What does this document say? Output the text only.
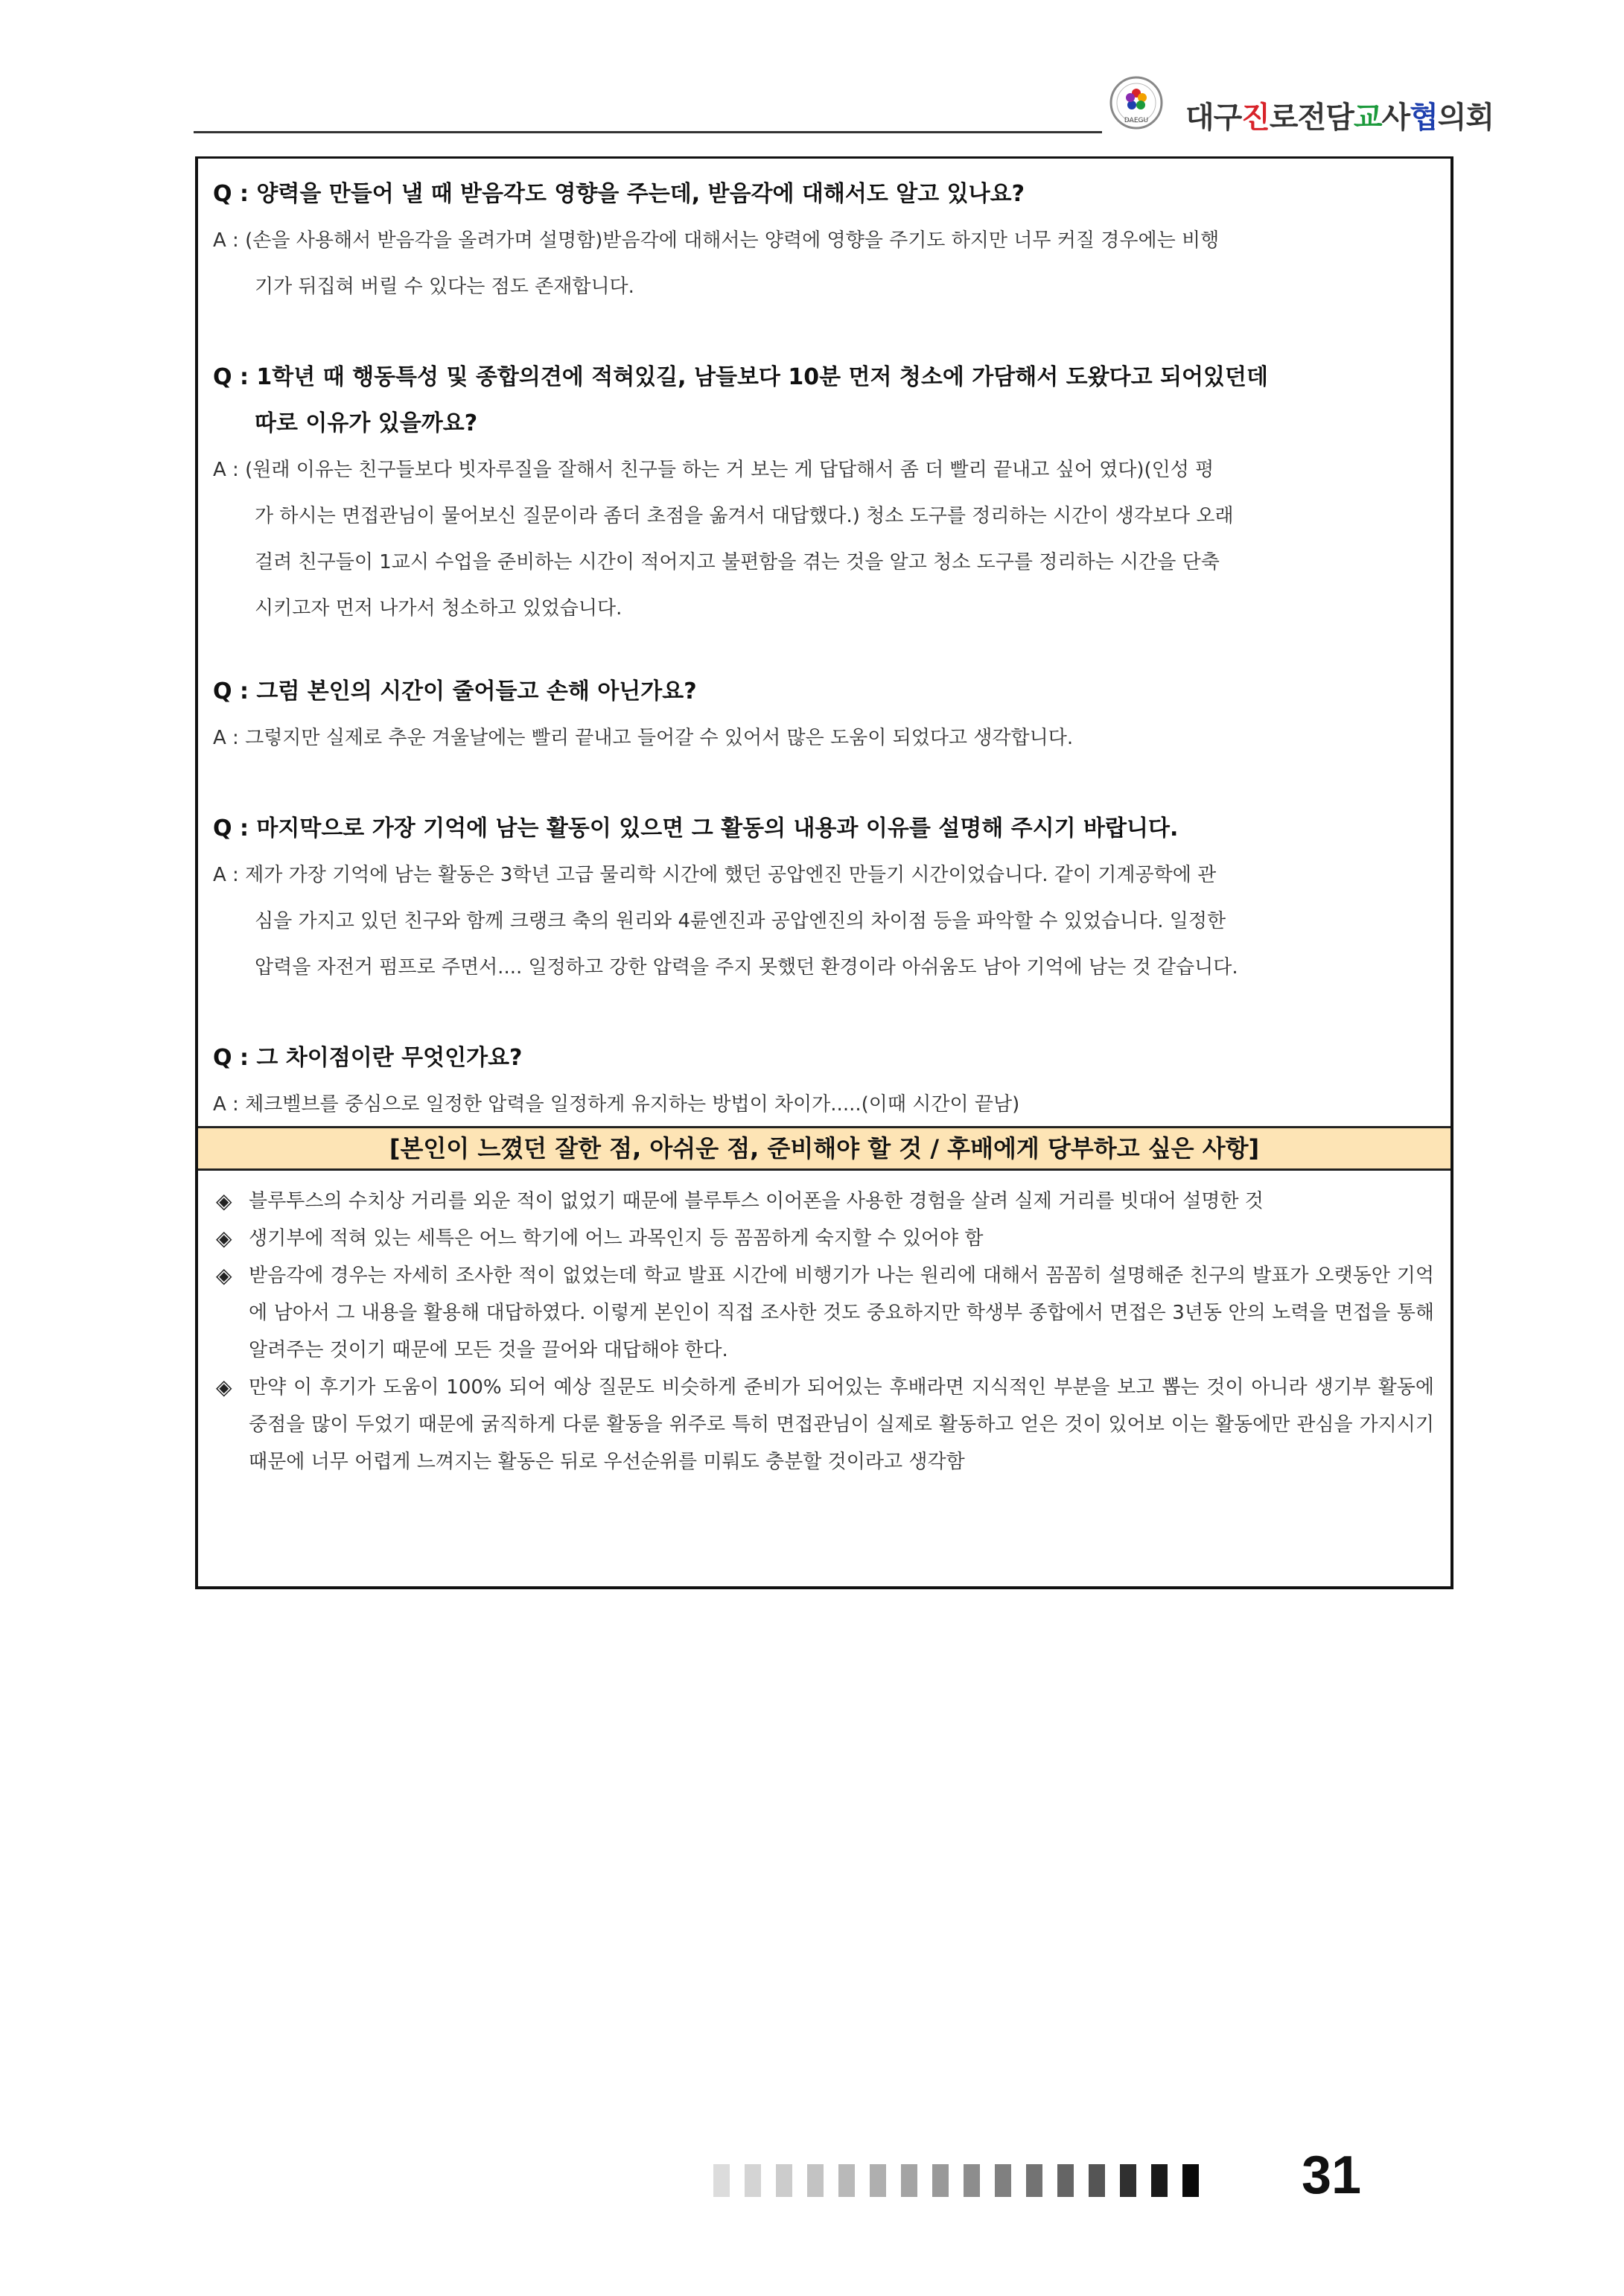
DAEGU 대구진로전담교사협의회
Q : 양력을 만들어 낼 때 받음각도 영향을 주는데, 받음각에 대해서도 알고 있나요?
A : (손을 사용해서 받음각을 올려가며 설명함)받음각에 대해서는 양력에 영향을 주기도 하지만 너무 커질 경우에는 비행
기가 뒤집혀 버릴 수 있다는 점도 존재합니다.
Q : 1학년 때 행동특성 및 종합의견에 적혀있길, 남들보다 10분 먼저 청소에 가담해서 도왔다고 되어있던데
따로 이유가 있을까요?
A : (원래 이유는 친구들보다 빗자루질을 잘해서 친구들 하는 거 보는 게 답답해서 좀 더 빨리 끝내고 싶어 였다)(인성 평
가 하시는 면접관님이 물어보신 질문이라 좀더 초점을 옮겨서 대답했다.) 청소 도구를 정리하는 시간이 생각보다 오래
걸려 친구들이 1교시 수업을 준비하는 시간이 적어지고 불편함을 겪는 것을 알고 청소 도구를 정리하는 시간을 단축
시키고자 먼저 나가서 청소하고 있었습니다.
Q : 그럼 본인의 시간이 줄어들고 손해 아닌가요?
A : 그렇지만 실제로 추운 겨울날에는 빨리 끝내고 들어갈 수 있어서 많은 도움이 되었다고 생각합니다.
Q : 마지막으로 가장 기억에 남는 활동이 있으면 그 활동의 내용과 이유를 설명해 주시기 바랍니다.
A : 제가 가장 기억에 남는 활동은 3학년 고급 물리학 시간에 했던 공압엔진 만들기 시간이었습니다. 같이 기계공학에 관
심을 가지고 있던 친구와 함께 크랭크 축의 원리와 4륜엔진과 공압엔진의 차이점 등을 파악할 수 있었습니다. 일정한
압력을 자전거 펌프로 주면서.... 일정하고 강한 압력을 주지 못했던 환경이라 아쉬움도 남아 기억에 남는 것 같습니다.
Q : 그 차이점이란 무엇인가요?
A : 체크벨브를 중심으로 일정한 압력을 일정하게 유지하는 방법이 차이가.....(이때 시간이 끝남)
[본인이 느꼈던 잘한 점, 아쉬운 점, 준비해야 할 것 / 후배에게 당부하고 싶은 사항]
◈ 블루투스의 수치상 거리를 외운 적이 없었기 때문에 블루투스 이어폰을 사용한 경험을 살려 실제 거리를 빗대어 설명한 것
◈ 생기부에 적혀 있는 세특은 어느 학기에 어느 과목인지 등 꼼꼼하게 숙지할 수 있어야 함
◈ 받음각에 경우는 자세히 조사한 적이 없었는데 학교 발표 시간에 비행기가 나는 원리에 대해서 꼼꼼히 설명해준 친구의 발표가 오랫동안 기억에 남아서 그 내용을 활용해 대답하였다. 이렇게 본인이 직접 조사한 것도 중요하지만 학생부 종합에서 면접은 3년동 안의 노력을 면접을 통해 알려주는 것이기 때문에 모든 것을 끌어와 대답해야 한다.
◈ 만약 이 후기가 도움이 100% 되어 예상 질문도 비슷하게 준비가 되어있는 후배라면 지식적인 부분을 보고 뽑는 것이 아니라 생기부 활동에 중점을 많이 두었기 때문에 굵직하게 다룬 활동을 위주로 특히 면접관님이 실제로 활동하고 얻은 것이 있어보 이는 활동에만 관심을 가지시기 때문에 너무 어렵게 느껴지는 활동은 뒤로 우선순위를 미뤄도 충분할 것이라고 생각함
31
